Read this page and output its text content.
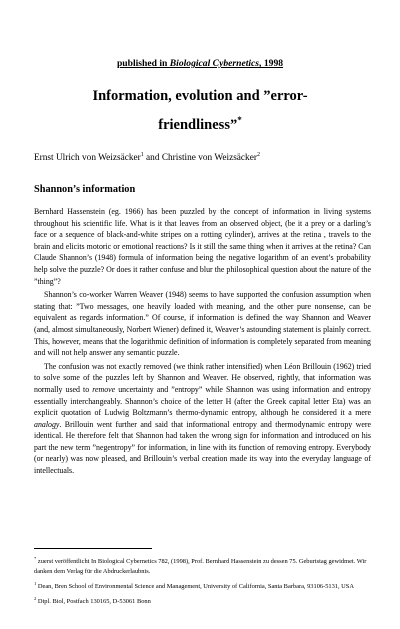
published in Biological Cybernetics, 1998
Information, evolution and ”error-
friendliness”*
Ernst Ulrich von Weizsäcker$^1$ and Christine von Weizsäcker$^2$
Shannon’s information

Bernhard Hassenstein (eg. 1966) has been puzzled by the concept of information in living systems throughout his scientific life. What is it that leaves from an observed object, (be it a prey or a darling’s face or a sequence of black-and-white stripes on a rotting cylinder), arrives at the retina , travels to the brain and elicits motoric or emotional reactions? Is it still the same thing when it arrives at the retina? Can Claude Shannon’s (1948) formula of information being the negative logarithm of an event’s probability help solve the puzzle? Or does it rather confuse and blur the philosophical question about the nature of the ”thing”?

Shannon’s co-worker Warren Weaver (1948) seems to have supported the confusion assumption when stating that: ”Two messages, one heavily loaded with meaning, and the other pure nonsense, can be equivalent as regards information.” Of course, if information is defined the way Shannon and Weaver (and, almost simultaneously, Norbert Wiener) defined it, Weaver’s astounding statement is plainly correct. This, however, means that the logarithmic definition of information is completely separated from meaning and will not help answer any semantic puzzle.

The confusion was not exactly removed (we think rather intensified) when Léon Brillouin (1962) tried to solve some of the puzzles left by Shannon and Weaver. He observed, rightly, that information was normally used to remove uncertainty and ”entropy” while Shannon was using information and entropy essentially interchangeably. Shannon’s choice of the letter H (after the Greek capital letter Eta) was an explicit quotation of Ludwig Boltzmann’s thermo-dynamic entropy, although he considered it a mere analogy. Brillouin went further and said that informational entropy and thermodynamic entropy were identical. He therefore felt that Shannon had taken the wrong sign for information and introduced on his part the new term ”negentropy” for information, in line with its function of removing entropy. Everybody (or nearly) was now pleased, and Brillouin’s verbal creation made its way into the everyday language of intellectuals.

* zuerst veröffentlicht In Biological Cybernetics 782, (1998), Prof. Bernhard Hassenstein zu dessen 75. Geburtstag gewidmet. Wir danken dem Verlag für die Abdruckerlaubnis.

$^1$ Dean, Bren School of Environmental Science and Management, University of California, Santa Barbara, 93106-5131, USA

$^2$ Dipl. Biol, Postfach 130165, D-53061 Bonn
